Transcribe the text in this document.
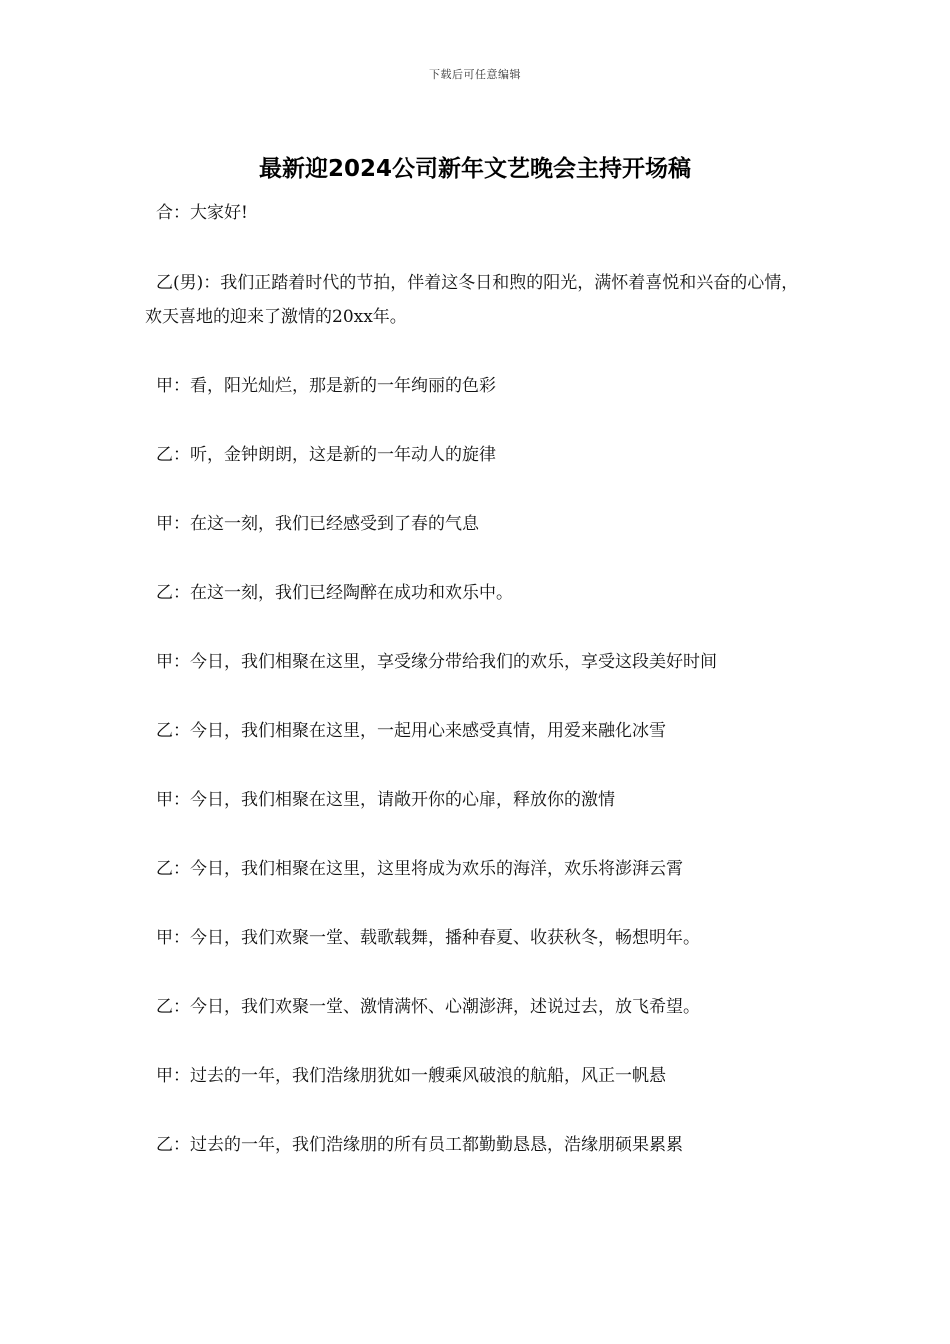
下载后可任意编辑
最新迎2024公司新年文艺晚会主持开场稿

合：大家好!

乙(男)：我们正踏着时代的节拍，伴着这冬日和煦的阳光，满怀着喜悦和兴奋的心情，欢天喜地的迎来了激情的20xx年。

甲：看，阳光灿烂，那是新的一年绚丽的色彩

乙：听，金钟朗朗，这是新的一年动人的旋律

甲：在这一刻，我们已经感受到了春的气息

乙：在这一刻，我们已经陶醉在成功和欢乐中。

甲：今日，我们相聚在这里，享受缘分带给我们的欢乐，享受这段美好时间

乙：今日，我们相聚在这里，一起用心来感受真情，用爱来融化冰雪

甲：今日，我们相聚在这里，请敞开你的心扉，释放你的激情

乙：今日，我们相聚在这里，这里将成为欢乐的海洋，欢乐将澎湃云霄

甲：今日，我们欢聚一堂、载歌载舞，播种春夏、收获秋冬，畅想明年。

乙：今日，我们欢聚一堂、激情满怀、心潮澎湃，述说过去，放飞希望。

甲：过去的一年，我们浩缘朋犹如一艘乘风破浪的航船，风正一帆悬

乙：过去的一年，我们浩缘朋的所有员工都勤勤恳恳，浩缘朋硕果累累
